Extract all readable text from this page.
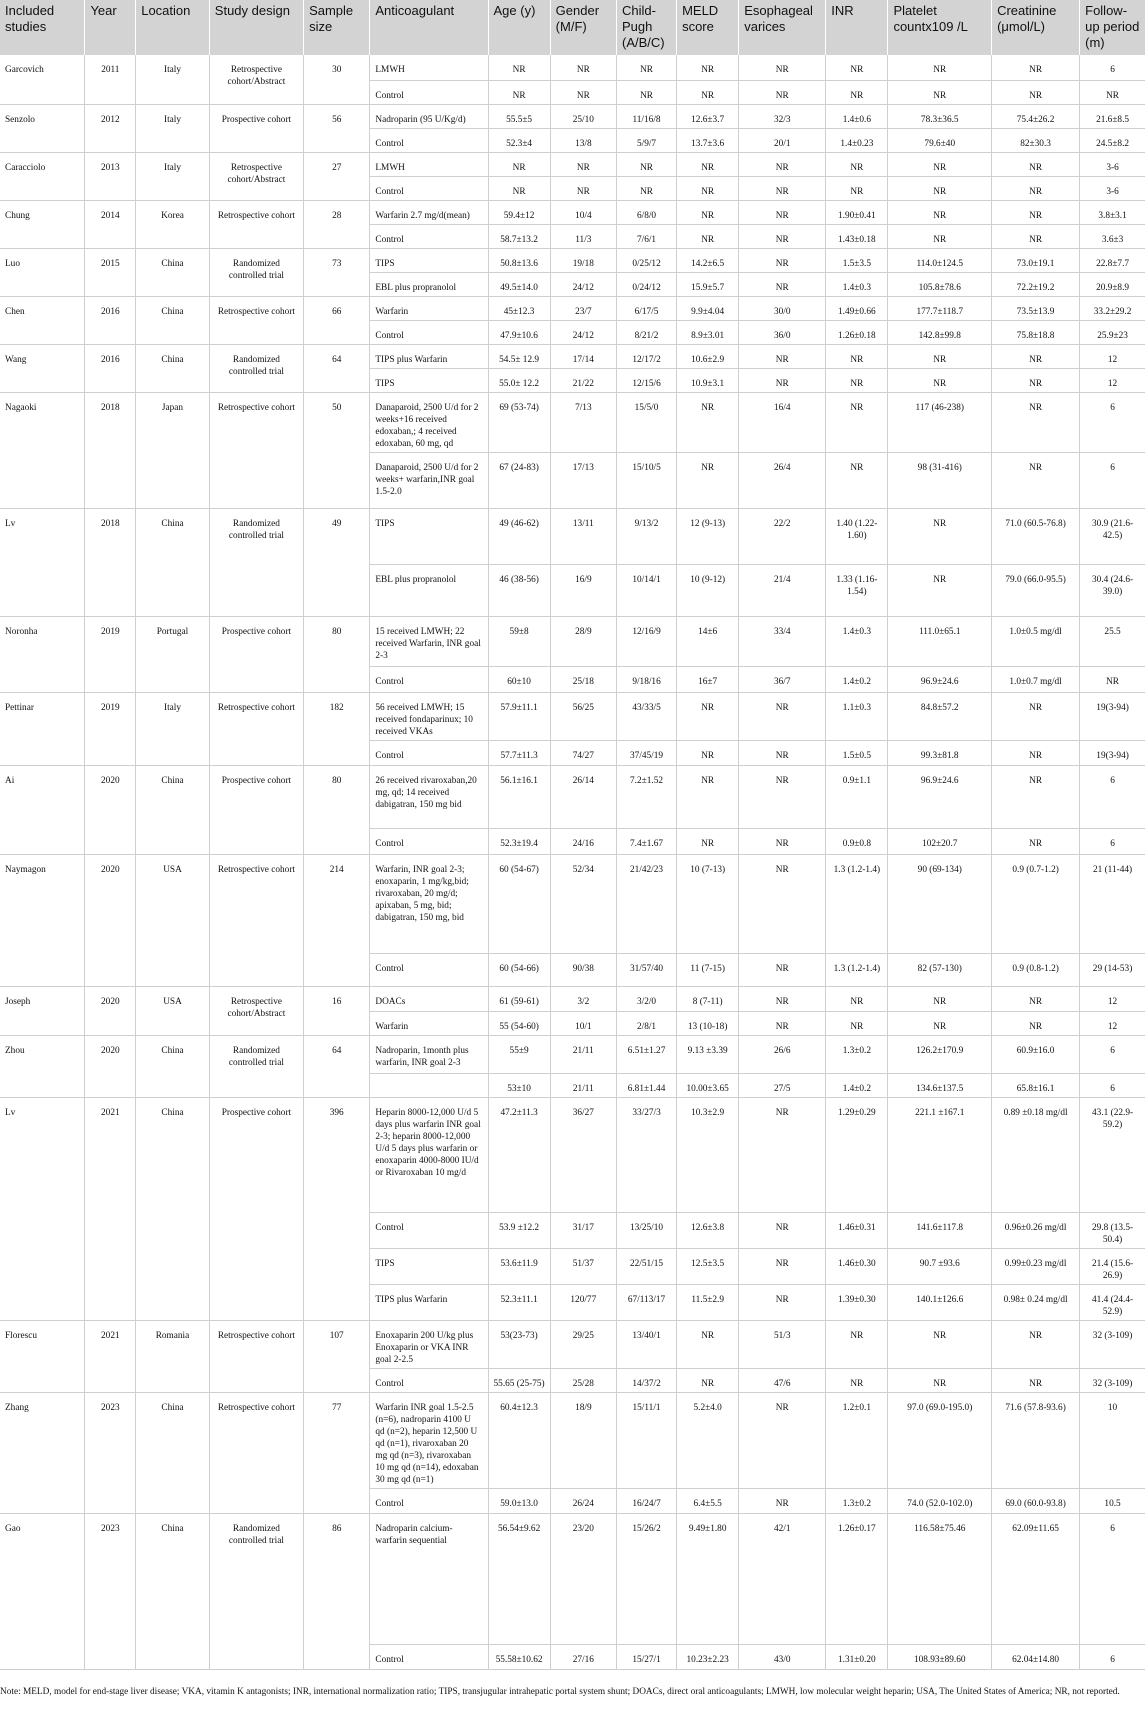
Included studies	Year	Location	Study design	Sample size	Anticoagulant	Age (y)	Gender (M/F)	Child-Pugh (A/B/C)	MELD score	Esophageal varices	INR	Platelet countx109 /L	Creatinine (μmol/L)	Follow-up period (m)
Garcovich	2011	Italy	Retrospective cohort/Abstract	30	LMWH	NR	NR	NR	NR	NR	NR	NR	NR	6
					Control	NR	NR	NR	NR	NR	NR	NR	NR	NR
Senzolo	2012	Italy	Prospective cohort	56	Nadroparin (95 U/Kg/d)	55.5±5	25/10	11/16/8	12.6±3.7	32/3	1.4±0.6	78.3±36.5	75.4±26.2	21.6±8.5
					Control	52.3±4	13/8	5/9/7	13.7±3.6	20/1	1.4±0.23	79.6±40	82±30.3	24.5±8.2
Caracciolo	2013	Italy	Retrospective cohort/Abstract	27	LMWH	NR	NR	NR	NR	NR	NR	NR	NR	3-6
					Control	NR	NR	NR	NR	NR	NR	NR	NR	3-6
Chung	2014	Korea	Retrospective cohort	28	Warfarin 2.7 mg/d(mean)	59.4±12	10/4	6/8/0	NR	NR	1.90±0.41	NR	NR	3.8±3.1
					Control	58.7±13.2	11/3	7/6/1	NR	NR	1.43±0.18	NR	NR	3.6±3
Luo	2015	China	Randomized controlled trial	73	TIPS	50.8±13.6	19/18	0/25/12	14.2±6.5	NR	1.5±3.5	114.0±124.5	73.0±19.1	22.8±7.7
					EBL plus propranolol	49.5±14.0	24/12	0/24/12	15.9±5.7	NR	1.4±0.3	105.8±78.6	72.2±19.2	20.9±8.9
Chen	2016	China	Retrospective cohort	66	Warfarin	45±12.3	23/7	6/17/5	9.9±4.04	30/0	1.49±0.66	177.7±118.7	73.5±13.9	33.2±29.2
					Control	47.9±10.6	24/12	8/21/2	8.9±3.01	36/0	1.26±0.18	142.8±99.8	75.8±18.8	25.9±23
Wang	2016	China	Randomized controlled trial	64	TIPS plus Warfarin	54.5± 12.9	17/14	12/17/2	10.6±2.9	NR	NR	NR	NR	12
					TIPS	55.0± 12.2	21/22	12/15/6	10.9±3.1	NR	NR	NR	NR	12
Nagaoki	2018	Japan	Retrospective cohort	50	Danaparoid, 2500 U/d for 2 weeks+16 received edoxaban,; 4 received edoxaban, 60 mg, qd	69 (53-74)	7/13	15/5/0	NR	16/4	NR	117 (46-238)	NR	6
					Danaparoid, 2500 U/d for 2 weeks+ warfarin,INR goal 1.5-2.0	67 (24-83)	17/13	15/10/5	NR	26/4	NR	98 (31-416)	NR	6
Lv	2018	China	Randomized controlled trial	49	TIPS	49 (46-62)	13/11	9/13/2	12 (9-13)	22/2	1.40 (1.22-1.60)	NR	71.0 (60.5-76.8)	30.9 (21.6-42.5)
					EBL plus propranolol	46 (38-56)	16/9	10/14/1	10 (9-12)	21/4	1.33 (1.16-1.54)	NR	79.0 (66.0-95.5)	30.4 (24.6-39.0)
Noronha	2019	Portugal	Prospective cohort	80	15 received LMWH; 22 received Warfarin, INR goal 2-3	59±8	28/9	12/16/9	14±6	33/4	1.4±0.3	111.0±65.1	1.0±0.5 mg/dl	25.5
					Control	60±10	25/18	9/18/16	16±7	36/7	1.4±0.2	96.9±24.6	1.0±0.7 mg/dl	NR
Pettinar	2019	Italy	Retrospective cohort	182	56 received LMWH; 15 received fondaparinux; 10 received VKAs	57.9±11.1	56/25	43/33/5	NR	NR	1.1±0.3	84.8±57.2	NR	19(3-94)
					Control	57.7±11.3	74/27	37/45/19	NR	NR	1.5±0.5	99.3±81.8	NR	19(3-94)
Ai	2020	China	Prospective cohort	80	26 received rivaroxaban,20 mg, qd; 14 received dabigatran, 150 mg bid	56.1±16.1	26/14	7.2±1.52	NR	NR	0.9±1.1	96.9±24.6	NR	6
					Control	52.3±19.4	24/16	7.4±1.67	NR	NR	0.9±0.8	102±20.7	NR	6
Naymagon	2020	USA	Retrospective cohort	214	Warfarin, INR goal 2-3; enoxaparin, 1 mg/kg,bid; rivaroxaban, 20 mg/d; apixaban, 5 mg, bid; dabigatran, 150 mg, bid	60 (54-67)	52/34	21/42/23	10 (7-13)	NR	1.3 (1.2-1.4)	90 (69-134)	0.9 (0.7-1.2)	21 (11-44)
					Control	60 (54-66)	90/38	31/57/40	11 (7-15)	NR	1.3 (1.2-1.4)	82 (57-130)	0.9 (0.8-1.2)	29 (14-53)
Joseph	2020	USA	Retrospective cohort/Abstract	16	DOACs	61 (59-61)	3/2	3/2/0	8 (7-11)	NR	NR	NR	NR	12
					Warfarin	55 (54-60)	10/1	2/8/1	13 (10-18)	NR	NR	NR	NR	12
Zhou	2020	China	Randomized controlled trial	64	Nadroparin, 1month plus warfarin, INR goal 2-3	55±9	21/11	6.51±1.27	9.13 ±3.39	26/6	1.3±0.2	126.2±170.9	60.9±16.0	6
						53±10	21/11	6.81±1.44	10.00±3.65	27/5	1.4±0.2	134.6±137.5	65.8±16.1	6
Lv	2021	China	Prospective cohort	396	Heparin 8000-12,000 U/d 5 days plus warfarin INR goal 2-3; heparin 8000-12,000 U/d 5 days plus warfarin or enoxaparin 4000-8000 IU/d or Rivaroxaban 10 mg/d	47.2±11.3	36/27	33/27/3	10.3±2.9	NR	1.29±0.29	221.1 ±167.1	0.89 ±0.18 mg/dl	43.1 (22.9-59.2)
					Control	53.9 ±12.2	31/17	13/25/10	12.6±3.8	NR	1.46±0.31	141.6±117.8	0.96±0.26 mg/dl	29.8 (13.5-50.4)
					TIPS	53.6±11.9	51/37	22/51/15	12.5±3.5	NR	1.46±0.30	90.7 ±93.6	0.99±0.23 mg/dl	21.4 (15.6-26.9)
					TIPS plus Warfarin	52.3±11.1	120/77	67/113/17	11.5±2.9	NR	1.39±0.30	140.1±126.6	0.98± 0.24 mg/dl	41.4 (24.4-52.9)
Florescu	2021	Romania	Retrospective cohort	107	Enoxaparin 200 U/kg plus Enoxaparin or VKA INR goal 2-2.5	53(23-73)	29/25	13/40/1	NR	51/3	NR	NR	NR	32 (3-109)
					Control	55.65 (25-75)	25/28	14/37/2	NR	47/6	NR	NR	NR	32 (3-109)
Zhang	2023	China	Retrospective cohort	77	Warfarin INR goal 1.5-2.5 (n=6), nadroparin 4100 U qd (n=2), heparin 12,500 U qd (n=1), rivaroxaban 20 mg qd (n=3), rivaroxaban 10 mg qd (n=14), edoxaban 30 mg qd (n=1)	60.4±12.3	18/9	15/11/1	5.2±4.0	NR	1.2±0.1	97.0 (69.0-195.0)	71.6 (57.8-93.6)	10
					Control	59.0±13.0	26/24	16/24/7	6.4±5.5	NR	1.3±0.2	74.0 (52.0-102.0)	69.0 (60.0-93.8)	10.5
Gao	2023	China	Randomized controlled trial	86	Nadroparin calcium-warfarin sequential	56.54±9.62	23/20	15/26/2	9.49±1.80	42/1	1.26±0.17	116.58±75.46	62.09±11.65	6
					Control	55.58±10.62	27/16	15/27/1	10.23±2.23	43/0	1.31±0.20	108.93±89.60	62.04±14.80	6
Note: MELD, model for end-stage liver disease; VKA, vitamin K antagonists; INR, international normalization ratio; TIPS, transjugular intrahepatic portal system shunt; DOACs, direct oral anticoagulants; LMWH, low molecular weight heparin; USA, The United States of America; NR, not reported.
